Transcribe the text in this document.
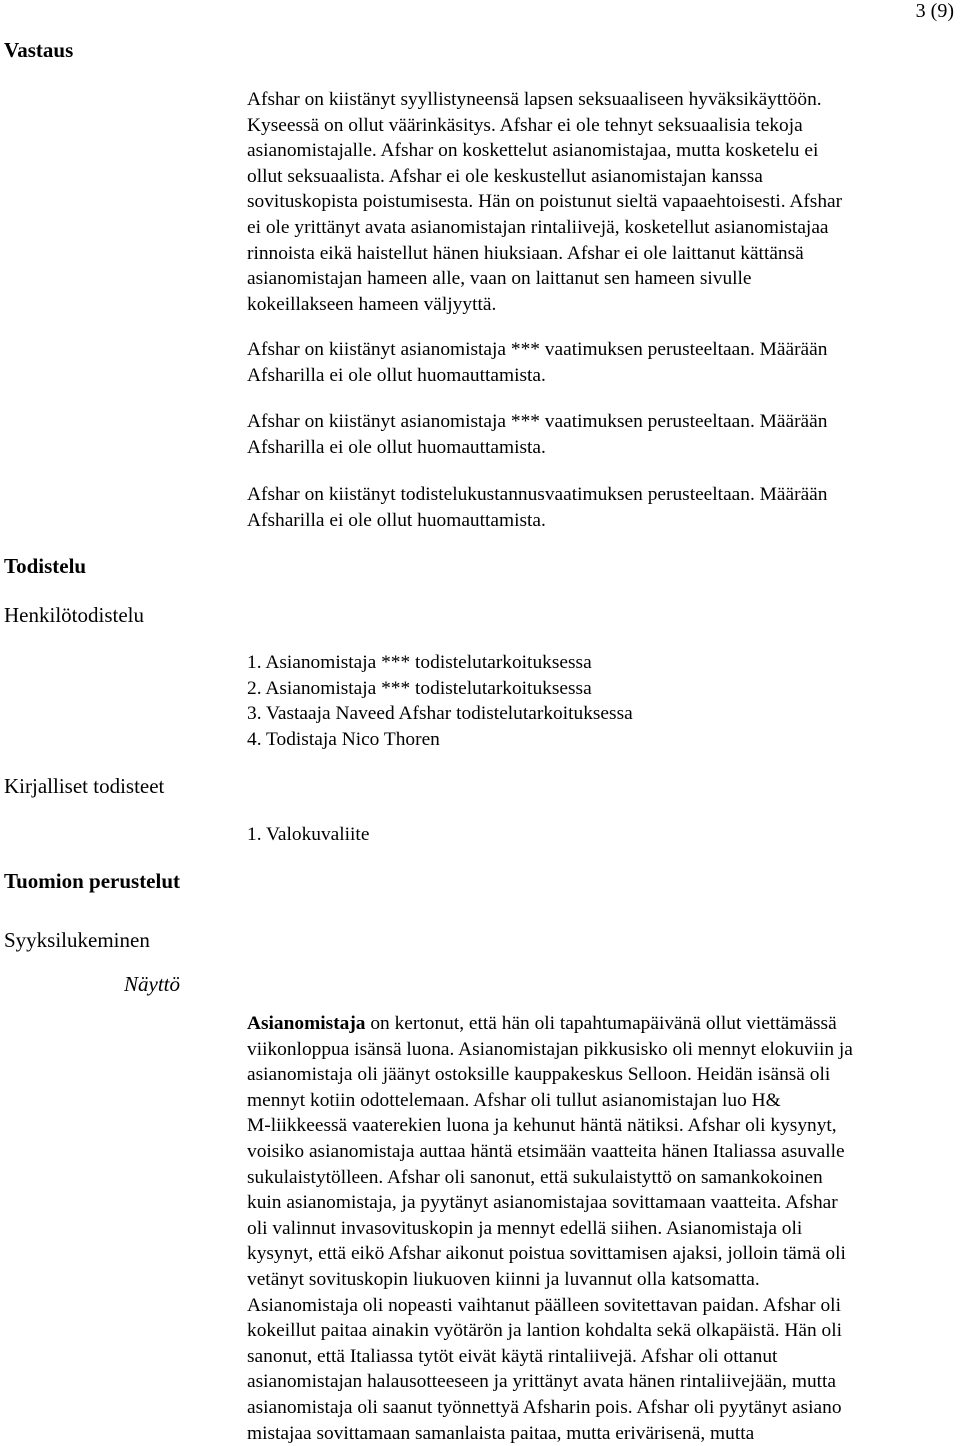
3 (9)
Vastaus
Afshar on kiistänyt syyllistyneensä lapsen seksuaaliseen hyväksikäyttöön.
Kyseessä on ollut väärinkäsitys. Afshar ei ole tehnyt seksuaalisia tekoja
asianomistajalle. Afshar on koskettelut asianomistajaa, mutta kosketelu ei
ollut seksuaalista. Afshar ei ole keskustellut asianomistajan kanssa
sovituskopista poistumisesta. Hän on poistunut sieltä vapaaehtoisesti. Afshar
ei ole yrittänyt avata asianomistajan rintaliivejä, kosketellut asianomistajaa
rinnoista eikä haistellut hänen hiuksiaan. Afshar ei ole laittanut kättänsä
asianomistajan hameen alle, vaan on laittanut sen hameen sivulle
kokeillakseen hameen väljyyttä.
Afshar on kiistänyt asianomistaja *** vaatimuksen perusteeltaan. Määrään
Afsharilla ei ole ollut huomauttamista.
Afshar on kiistänyt asianomistaja *** vaatimuksen perusteeltaan. Määrään
Afsharilla ei ole ollut huomauttamista.
Afshar on kiistänyt todistelukustannusvaatimuksen perusteeltaan. Määrään
Afsharilla ei ole ollut huomauttamista.
Todistelu
Henkilötodistelu
1. Asianomistaja *** todistelutarkoituksessa
2. Asianomistaja *** todistelutarkoituksessa
3. Vastaaja Naveed Afshar todistelutarkoituksessa
4. Todistaja Nico Thoren
Kirjalliset todisteet
1. Valokuvaliite
Tuomion perustelut
Syyksilukeminen
Näyttö
Asianomistaja on kertonut, että hän oli tapahtumapäivänä ollut viettämässä
viikonloppua isänsä luona. Asianomistajan pikkusisko oli mennyt elokuviin ja
asianomistaja oli jäänyt ostoksille kauppakeskus Selloon. Heidän isänsä oli
mennyt kotiin odottelemaan. Afshar oli tullut asianomistajan luo H&
M-liikkeessä vaaterekien luona ja kehunut häntä nätiksi. Afshar oli kysynyt,
voisiko asianomistaja auttaa häntä etsimään vaatteita hänen Italiassa asuvalle
sukulaistytölleen. Afshar oli sanonut, että sukulaistyttö on samankokoinen
kuin asianomistaja, ja pyytänyt asianomistajaa sovittamaan vaatteita. Afshar
oli valinnut invasovituskopin ja mennyt edellä siihen. Asianomistaja oli
kysynyt, että eikö Afshar aikonut poistua sovittamisen ajaksi, jolloin tämä oli
vetänyt sovituskopin liukuoven kiinni ja luvannut olla katsomatta.
Asianomistaja oli nopeasti vaihtanut päälleen sovitettavan paidan. Afshar oli
kokeillut paitaa ainakin vyötärön ja lantion kohdalta sekä olkapäistä. Hän oli
sanonut, että Italiassa tytöt eivät käytä rintaliivejä. Afshar oli ottanut
asianomistajan halausotteeseen ja yrittänyt avata hänen rintaliivejään, mutta
asianomistaja oli saanut työnnettyä Afsharin pois. Afshar oli pyytänyt asiano
mistajaa sovittamaan samanlaista paitaa, mutta erivärisenä, mutta
